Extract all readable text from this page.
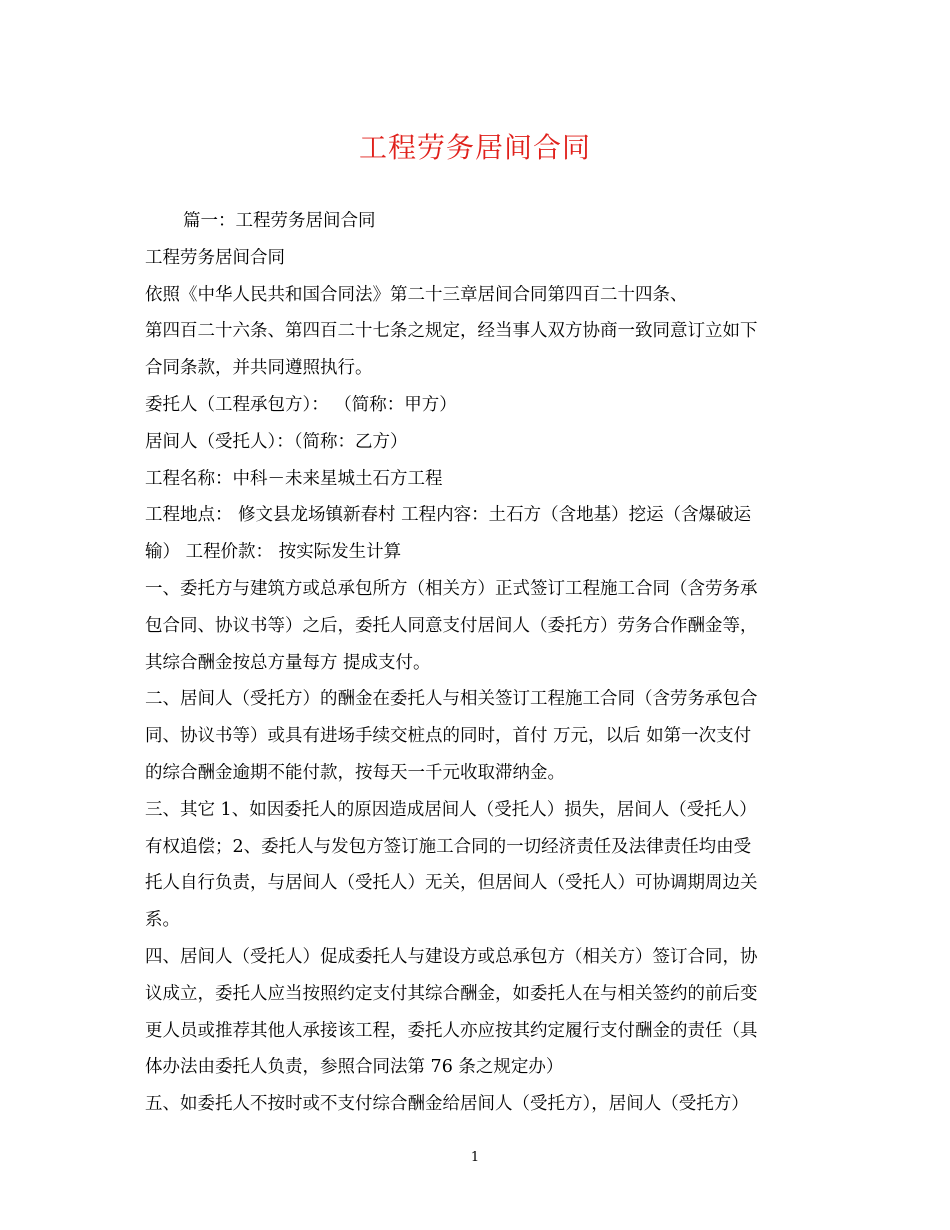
工程劳务居间合同
篇一：工程劳务居间合同
工程劳务居间合同
依照《中华人民共和国合同法》第二十三章居间合同第四百二十四条、
第四百二十六条、第四百二十七条之规定，经当事人双方协商一致同意订立如下
合同条款，并共同遵照执行。
委托人（工程承包方）： （简称：甲方）
居间人（受托人）：（简称：乙方）
工程名称：中科－未来星城土石方工程
工程地点： 修文县龙场镇新春村 工程内容：土石方（含地基）挖运（含爆破运
输） 工程价款： 按实际发生计算
一、委托方与建筑方或总承包所方（相关方）正式签订工程施工合同（含劳务承
包合同、协议书等）之后，委托人同意支付居间人（委托方）劳务合作酬金等，
其综合酬金按总方量每方 提成支付。
二、居间人（受托方）的酬金在委托人与相关签订工程施工合同（含劳务承包合
同、协议书等）或具有进场手续交桩点的同时，首付 万元，以后 如第一次支付
的综合酬金逾期不能付款，按每天一千元收取滞纳金。
三、其它 1、如因委托人的原因造成居间人（受托人）损失，居间人（受托人）
有权追偿；2、委托人与发包方签订施工合同的一切经济责任及法律责任均由受
托人自行负责，与居间人（受托人）无关，但居间人（受托人）可协调期周边关
系。
四、居间人（受托人）促成委托人与建设方或总承包方（相关方）签订合同，协
议成立，委托人应当按照约定支付其综合酬金，如委托人在与相关签约的前后变
更人员或推荐其他人承接该工程，委托人亦应按其约定履行支付酬金的责任（具
体办法由委托人负责，参照合同法第 76 条之规定办）
五、如委托人不按时或不支付综合酬金给居间人（受托方），居间人（受托方）
1
